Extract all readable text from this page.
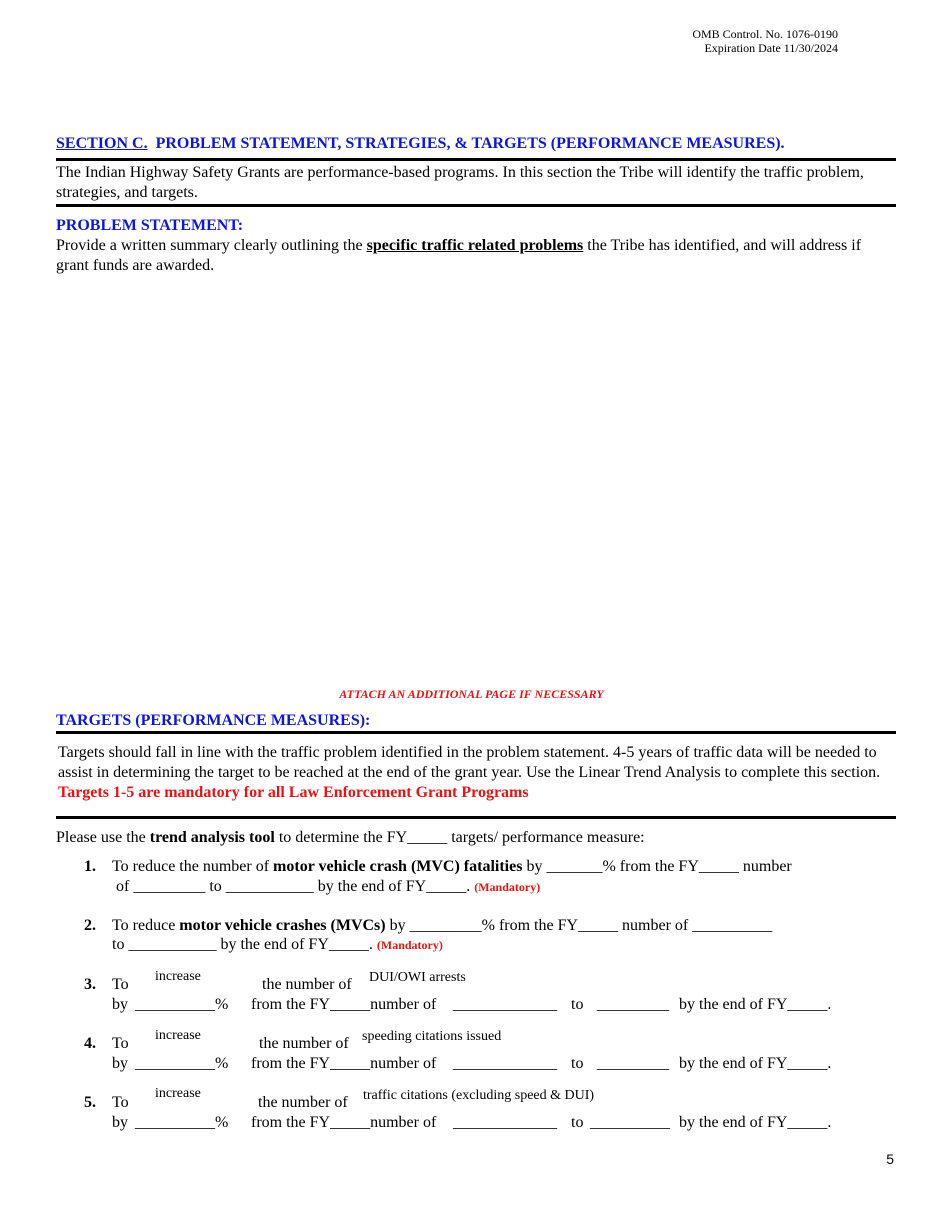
OMB Control. No. 1076-0190
Expiration Date 11/30/2024
SECTION C. PROBLEM STATEMENT, STRATEGIES, & TARGETS (PERFORMANCE MEASURES).
The Indian Highway Safety Grants are performance-based programs. In this section the Tribe will identify the traffic problem, strategies, and targets.
PROBLEM STATEMENT:
Provide a written summary clearly outlining the specific traffic related problems the Tribe has identified, and will address if grant funds are awarded.
ATTACH AN ADDITIONAL PAGE IF NECESSARY
TARGETS (PERFORMANCE MEASURES):
Targets should fall in line with the traffic problem identified in the problem statement. 4-5 years of traffic data will be needed to assist in determining the target to be reached at the end of the grant year. Use the Linear Trend Analysis to complete this section. Targets 1-5 are mandatory for all Law Enforcement Grant Programs
Please use the trend analysis tool to determine the FY_____ targets/ performance measure:
1. To reduce the number of motor vehicle crash (MVC) fatalities by _______% from the FY_____ number
of _________ to ___________ by the end of FY_____. (Mandatory)
2. To reduce motor vehicle crashes (MVCs) by _________% from the FY_____ number of __________
to ___________ by the end of FY_____. (Mandatory)
3. To increase	the number of DUI/OWI arrests
by __________% from the FY_____number of _____________ to _________ by the end of FY_____.
4. To increase	the number of speeding citations issued
by __________% from the FY_____number of _____________ to _________ by the end of FY_____.
5. To
increase
the number of traffic citations (excluding speed & DUI)
by __________% from the FY_____number of _____________ to __________ by the end of FY_____.
5
